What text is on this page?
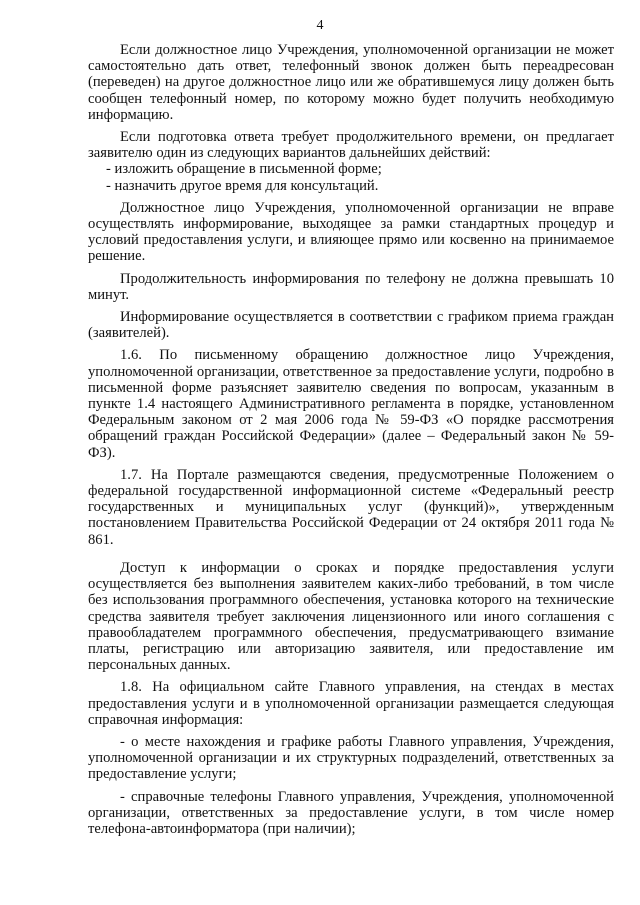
4

Если должностное лицо Учреждения, уполномоченной организации не может самостоятельно дать ответ, телефонный звонок должен быть переадресован (переведен) на другое должностное лицо или же обратившемуся лицу должен быть сообщен телефонный номер, по которому можно будет получить необходимую информацию.

Если подготовка ответа требует продолжительного времени, он предлагает заявителю один из следующих вариантов дальнейших действий:

- изложить обращение в письменной форме;

- назначить другое время для консультаций.

Должностное лицо Учреждения, уполномоченной организации не вправе осуществлять информирование, выходящее за рамки стандартных процедур и условий предоставления услуги, и влияющее прямо или косвенно на принимаемое решение.

Продолжительность информирования по телефону не должна превышать 10 минут.

Информирование осуществляется в соответствии с графиком приема граждан (заявителей).

1.6. По письменному обращению должностное лицо Учреждения, уполномоченной организации, ответственное за предоставление услуги, подробно в письменной форме разъясняет заявителю сведения по вопросам, указанным в пункте 1.4 настоящего Административного регламента в порядке, установленном Федеральным законом от 2 мая 2006 года № 59-ФЗ «О порядке рассмотрения обращений граждан Российской Федерации» (далее – Федеральный закон № 59-ФЗ).

1.7. На Портале размещаются сведения, предусмотренные Положением о федеральной государственной информационной системе «Федеральный реестр государственных и муниципальных услуг (функций)», утвержденным постановлением Правительства Российской Федерации от 24 октября 2011 года № 861.

Доступ к информации о сроках и порядке предоставления услуги осуществляется без выполнения заявителем каких-либо требований, в том числе без использования программного обеспечения, установка которого на технические средства заявителя требует заключения лицензионного или иного соглашения с правообладателем программного обеспечения, предусматривающего взимание платы, регистрацию или авторизацию заявителя, или предоставление им персональных данных.

1.8. На официальном сайте Главного управления, на стендах в местах предоставления услуги и в уполномоченной организации размещается следующая справочная информация:

- о месте нахождения и графике работы Главного управления, Учреждения, уполномоченной организации и их структурных подразделений, ответственных за предоставление услуги;

- справочные телефоны Главного управления, Учреждения, уполномоченной организации, ответственных за предоставление услуги, в том числе номер телефона-автоинформатора (при наличии);
